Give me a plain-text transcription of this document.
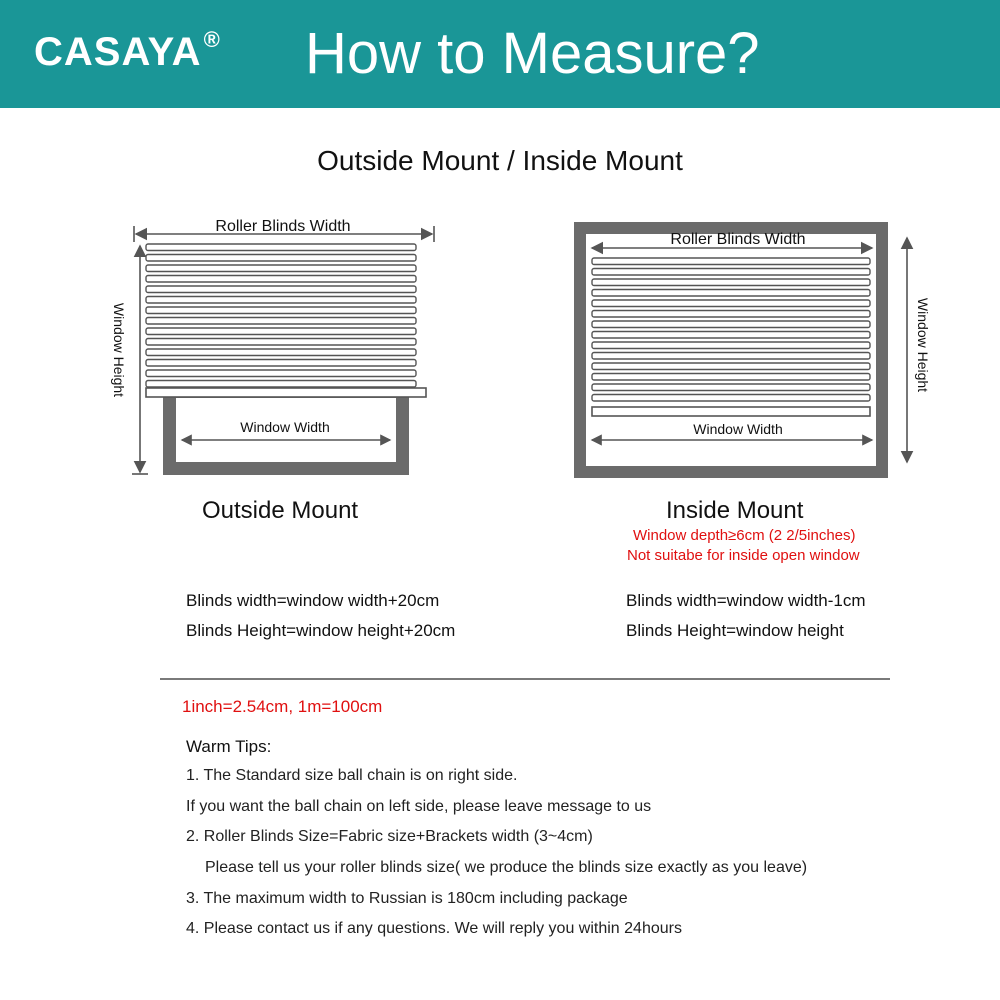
CASAYA® How to Measure?
Outside Mount / Inside Mount
Roller Blinds Width
Window Width
Window Height
Roller Blinds Width
Window Width
Window Height
Outside Mount	Inside Mount
Window depth≥6cm (2 2/5inches)
Not suitabe for inside open window
Blinds width=window width+20cm
Blinds Height=window height+20cm
Blinds width=window width-1cm
Blinds Height=window height
1inch=2.54cm, 1m=100cm
Warm Tips:
1. The Standard size ball chain is on right side.
If you want the ball chain on left side, please leave message to us
2. Roller Blinds Size=Fabric size+Brackets width (3~4cm)
Please tell us your roller blinds size( we produce the blinds size exactly as you leave)
3. The maximum width to Russian is 180cm including package
4. Please contact us if any questions. We will reply you within 24hours
